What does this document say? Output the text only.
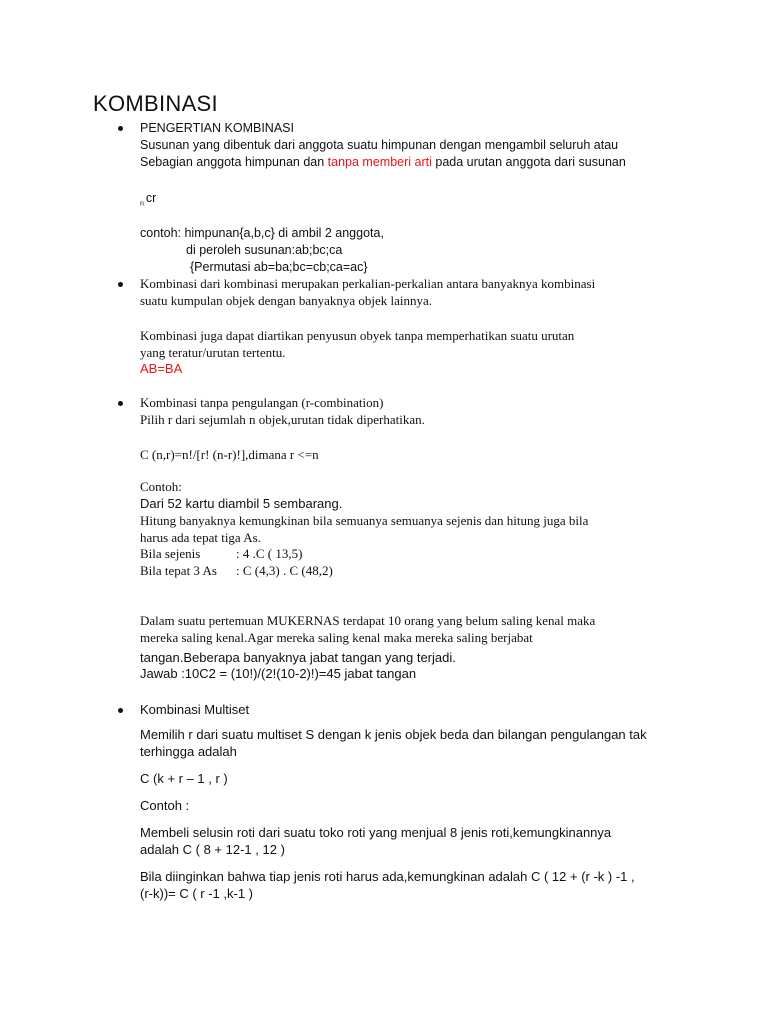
KOMBINASI
PENGERTIAN KOMBINASI
Susunan yang dibentuk dari anggota suatu himpunan dengan mengambil seluruh atau
Sebagian anggota himpunan dan tanpa memberi arti pada urutan anggota dari susunan
$_n$ cr
contoh: himpunan{a,b,c} di ambil 2 anggota,
di peroleh susunan:ab;bc;ca
{Permutasi ab=ba;bc=cb;ca=ac}
Kombinasi dari kombinasi merupakan perkalian-perkalian antara banyaknya kombinasi
suatu kumpulan objek dengan banyaknya objek lainnya.
Kombinasi juga dapat diartikan penyusun obyek tanpa memperhatikan suatu urutan
yang teratur/urutan tertentu.
AB=BA
Kombinasi tanpa pengulangan (r-combination)
Pilih r dari sejumlah n objek,urutan tidak diperhatikan.
C (n,r)=n!/[r! (n-r)!],dimana r <=n
Contoh:
Dari 52 kartu diambil 5 sembarang.
Hitung banyaknya kemungkinan bila semuanya semuanya sejenis dan hitung juga bila
harus ada tepat tiga As.
Bila sejenis	: 4 .C ( 13,5)
Bila tepat 3 As : C (4,3) . C (48,2)
Dalam suatu pertemuan MUKERNAS terdapat 10 orang yang belum saling kenal maka
mereka saling kenal.Agar mereka saling kenal maka mereka saling berjabat
tangan.Beberapa banyaknya jabat tangan yang terjadi.
Jawab :10C2 = (10!)/(2!(10-2)!)=45 jabat tangan
Kombinasi Multiset
Memilih r dari suatu multiset S dengan k jenis objek beda dan bilangan pengulangan tak
terhingga adalah
C (k + r – 1 , r )
Contoh :
Membeli selusin roti dari suatu toko roti yang menjual 8 jenis roti,kemungkinannya
adalah C ( 8 + 12-1 , 12 )
Bila diinginkan bahwa tiap jenis roti harus ada,kemungkinan adalah C ( 12 + (r -k ) -1 ,
(r-k))= C ( r -1 ,k-1 )
